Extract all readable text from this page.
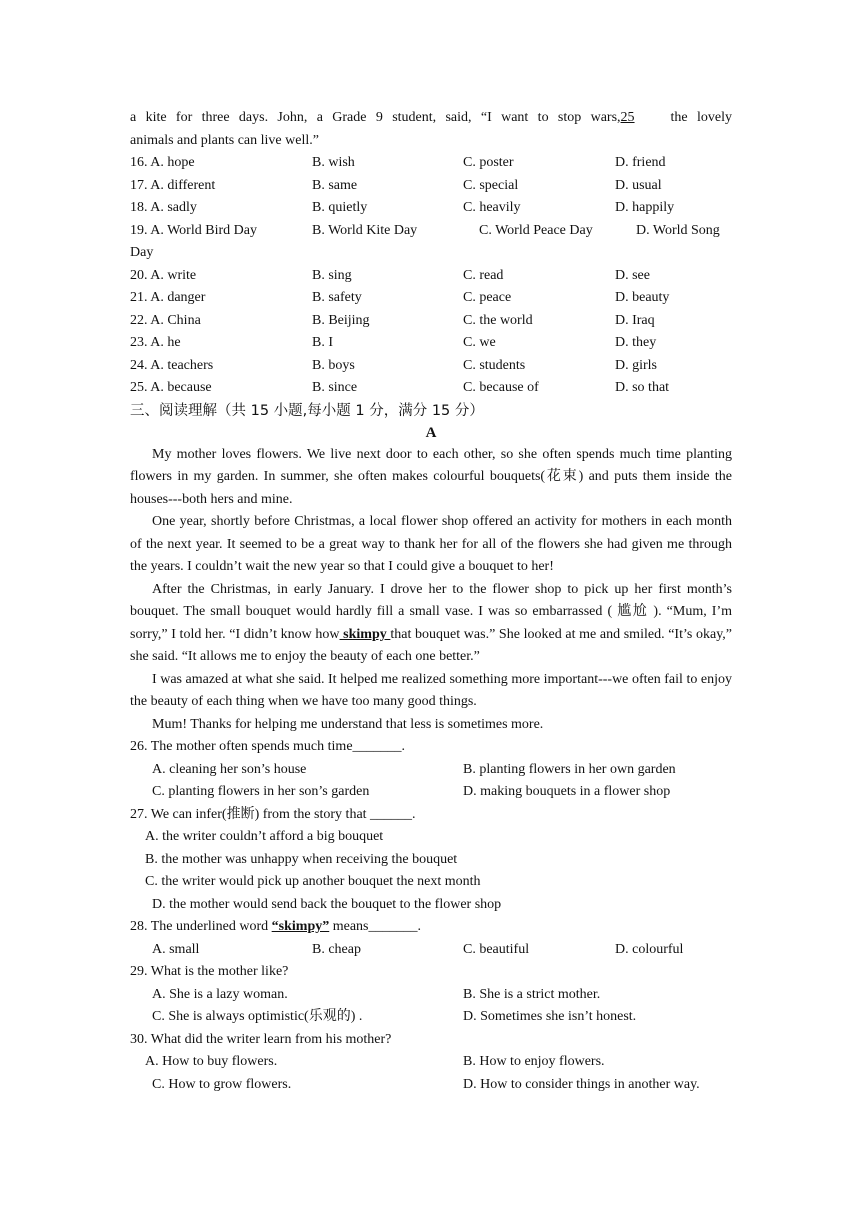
a kite for three days. John, a Grade 9 student, said, “I want to stop wars,25	the lovely
animals and plants can live well.”
16. A. hope	B. wish	C. poster	D. friend
17. A. different	B. same	C. special	D. usual
18. A. sadly	B. quietly	C. heavily	D. happily
19. A. World Bird Day	B. World Kite Day	C. World Peace Day	D. World Song
Day
20. A. write	B. sing	C. read	D. see
21. A. danger	B. safety	C. peace	D. beauty
22. A. China	B. Beijing	C. the world	D. Iraq
23. A. he	B. I	C. we	D. they
24. A. teachers	B. boys	C. students	D. girls
25. A. because	B. since	C. because of	D. so that
三、阅读理解（共 15 小题,每小题 1 分，满分 15 分）
A

My mother loves flowers. We live next door to each other, so she often spends much time planting flowers in my garden. In summer, she often makes colourful bouquets(花束) and puts them inside the houses---both hers and mine.

One year, shortly before Christmas, a local flower shop offered an activity for mothers in each month of the next year. It seemed to be a great way to thank her for all of the flowers she had given me through the years. I couldn’t wait the new year so that I could give a bouquet to her!

After the Christmas, in early January. I drove her to the flower shop to pick up her first month’s bouquet. The small bouquet would hardly fill a small vase. I was so embarrassed ( 尴尬 ). “Mum, I’m sorry,” I told her. “I didn’t know how skimpy that bouquet was.” She looked at me and smiled. “It’s okay,” she said. “It allows me to enjoy the beauty of each one better.”

I was amazed at what she said. It helped me realized something more important---we often fail to enjoy the beauty of each thing when we have too many good things.

Mum! Thanks for helping me understand that less is sometimes more.

26. The mother often spends much time_______.
A. cleaning her son’s house	B. planting flowers in her own garden
C. planting flowers in her son’s garden	D. making bouquets in a flower shop
27. We can infer(推断) from the story that ______.
A. the writer couldn’t afford a big bouquet
B. the mother was unhappy when receiving the bouquet
C. the writer would pick up another bouquet the next month
D. the mother would send back the bouquet to the flower shop
28. The underlined word “skimpy” means_______.
A. small	B. cheap	C. beautiful	D. colourful
29. What is the mother like?
A. She is a lazy woman.	B. She is a strict mother.
C. She is always optimistic(乐观的) .	D. Sometimes she isn’t honest.
30. What did the writer learn from his mother?
A. How to buy flowers.	B. How to enjoy flowers.
C. How to grow flowers.	D. How to consider things in another way.
